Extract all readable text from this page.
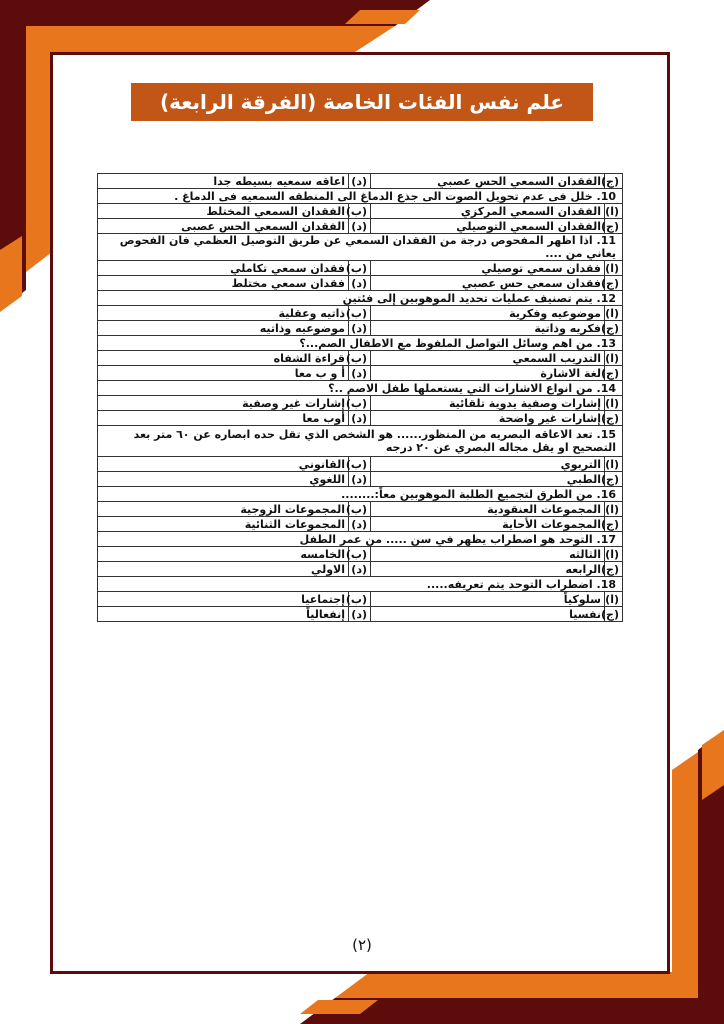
علم نفس الفئات الخاصة (الفرقة الرابعة)
(ج)	الفقدان السمعي الحس عصبي	(د)	اعاقه سمعيه بسيطه جدا
10. خلل فى عدم تحويل الصوت الى جذع الدماغ الى المنطقه السمعيه فى الدماغ .			
(ا)	الفقدان السمعي المركزي	(ب)	الفقدان السمعي المختلط
(ج)	الفقدان السمعي التوصيلي	(د)	الفقدان السمعي الحس عصبى
11. اذا اظهر المفحوص درجة من الفقدان السمعي عن طريق التوصيل العظمي فان الفحوص يعاني من ....			
(ا)	فقدان سمعي توصيلي	(ب)	فقدان سمعي تكاملي
(ج)	فقدان سمعي حس عصبي	(د)	فقدان سمعي مختلط
12. يتم تصنيف عمليات تحديد الموهوبين إلى فئتين			
(ا)	موضوعيه وفكرية	(ب)	ذاتيه وعقلية
(ج)	فكريه وذاتية	(د)	موضوعيه وذاتيه
13. من اهم وسائل التواصل الملفوظ مع الاطفال الصم...؟			
(ا)	التدريب السمعي	(ب)	قراءة الشفاه
(ج)	لغة الاشارة	(د)	أ و ب معا
14. من انواع الاشارات التي يستعملها طفل الاصم ..؟			
(ا)	إشارات وصفية يدوية تلقائية	(ب)	إشارات غير وصفية
(ج)	إشارات غير واضحة	(د)	أوب معا
15. تعد الاعاقه البصريه من المنظور...... هو الشخص الذي تقل حده ابصاره عن ٦٠ متر بعد التصحيح او يقل مجاله البصري عن ٢٠ درجه			
(ا)	التربوي	(ب)	القانوني
(ج)	الطبي	(د)	اللغوي
16. من الطرق لتجميع الطلبة الموهوبين معاً:........			
(ا)	المجموعات العنقودية	(ب)	المجموعات الزوجية
(ج)	المجموعات الأحاية	(د)	المجموعات الثنائية
17. التوحد هو اضطراب يظهر في سن ..... من عمر الطفل			
(ا)	الثالثه	(ب)	الخامسه
(ج)	الرابعه	(د)	الاولي
18. اضطراب التوحد يتم تعريفه.....			
(ا)	سلوكياً	(ب)	إجتماعيا
(ج)	نفسيا	(د)	إنفعالياً
(٢)
